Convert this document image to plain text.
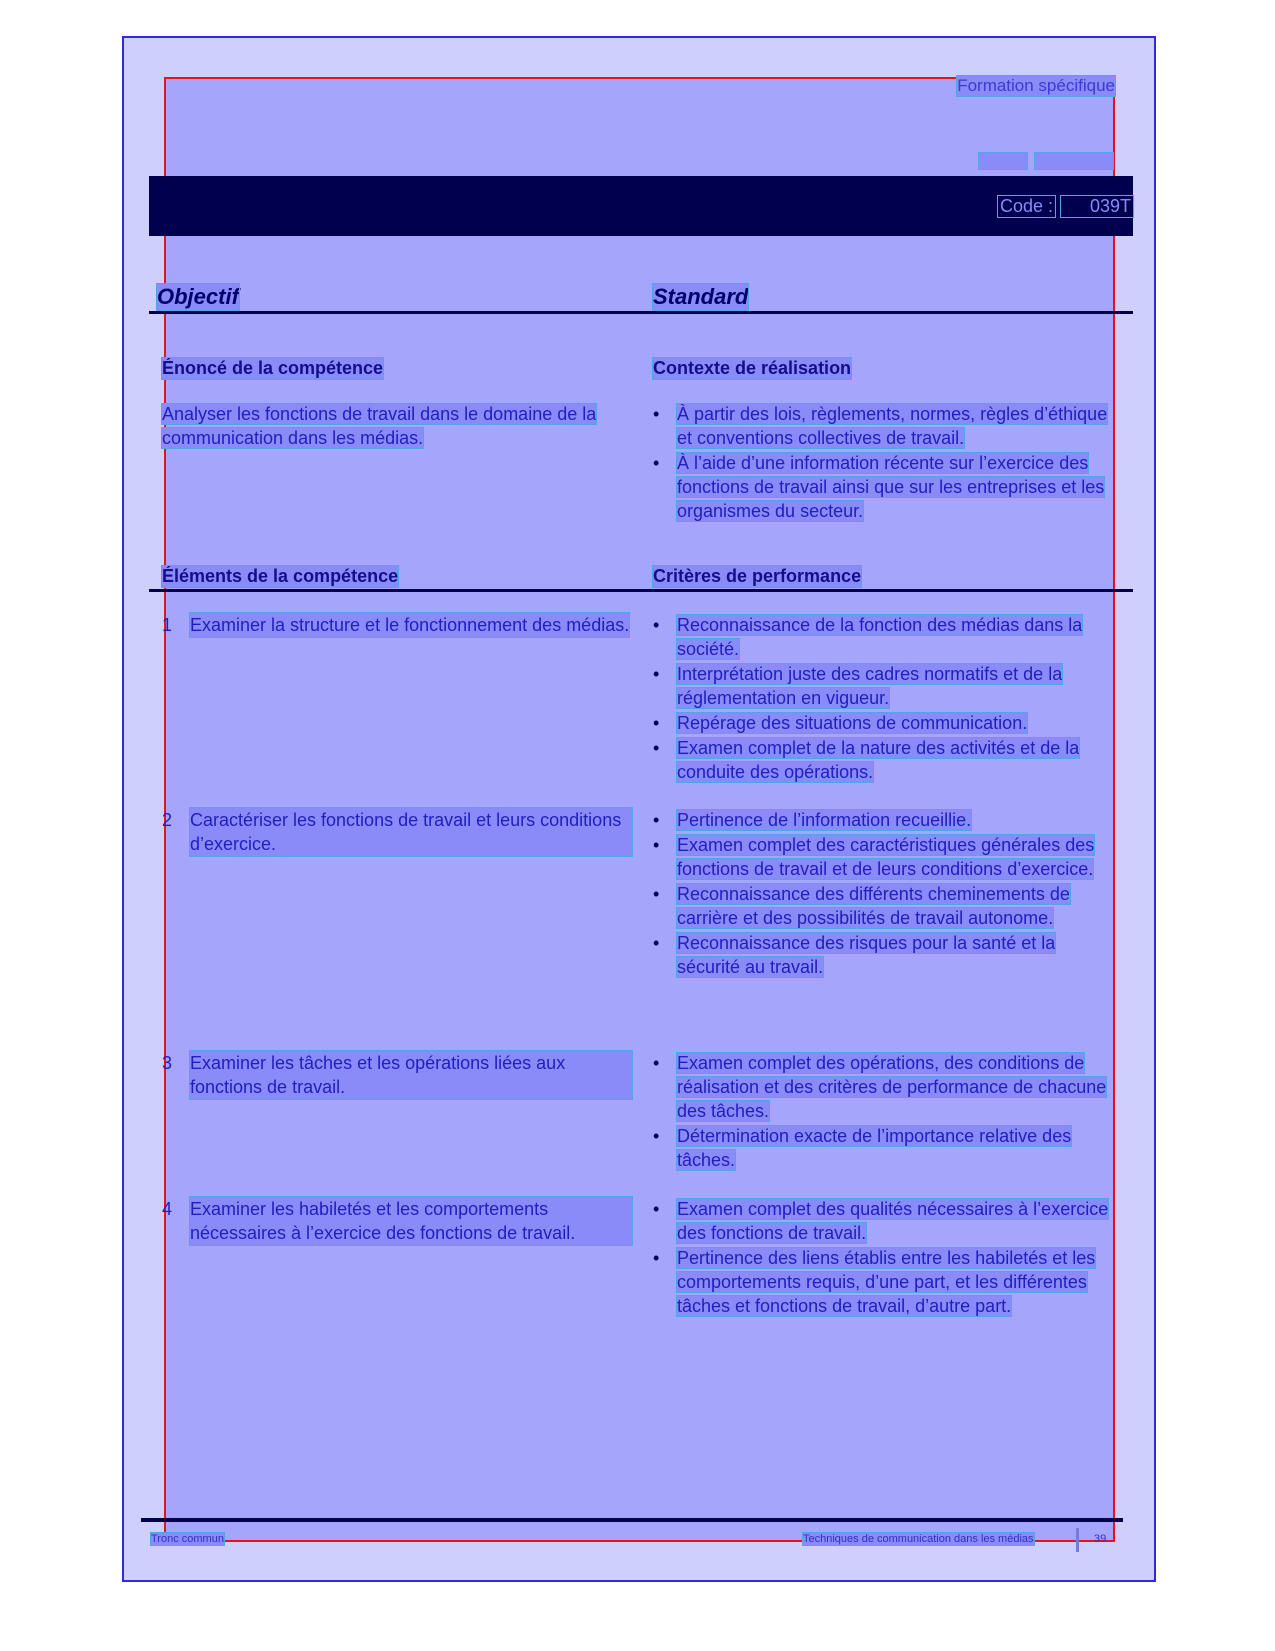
Formation spécifique
Code :	039T
Objectif	Standard
Énoncé de la compétence	Contexte de réalisation
Analyser les fonctions de travail dans le domaine de la communication dans les médias.
• À partir des lois, règlements, normes, règles d’éthique et conventions collectives de travail.
• À l’aide d’une information récente sur l’exercice des fonctions de travail ainsi que sur les entreprises et les organismes du secteur.
Éléments de la compétence	Critères de performance
1 Examiner la structure et le fonctionnement des médias.
•	Reconnaissance de la fonction des médias dans la société.
• Interprétation juste des cadres normatifs et de la réglementation en vigueur.
• Repérage des situations de communication.
• Examen complet de la nature des activités et de la conduite des opérations.
2 Caractériser les fonctions de travail et leurs conditions d’exercice.
• Pertinence de l’information recueillie.
• Examen complet des caractéristiques générales des fonctions de travail et de leurs conditions d’exercice.
• Reconnaissance des différents cheminements de carrière et des possibilités de travail autonome.
• Reconnaissance des risques pour la santé et la sécurité au travail.
3 Examiner les tâches et les opérations liées aux fonctions de travail.
• Examen complet des opérations, des conditions de réalisation et des critères de performance de chacune des tâches.
• Détermination exacte de l’importance relative des tâches.
4 Examiner les habiletés et les comportements nécessaires à l’exercice des fonctions de travail.
• Examen complet des qualités nécessaires à l’exercice des fonctions de travail.
• Pertinence des liens établis entre les habiletés et les comportements requis, d’une part, et les différentes tâches et fonctions de travail, d’autre part.
Tronc commun	Techniques de communication dans les médias	39
